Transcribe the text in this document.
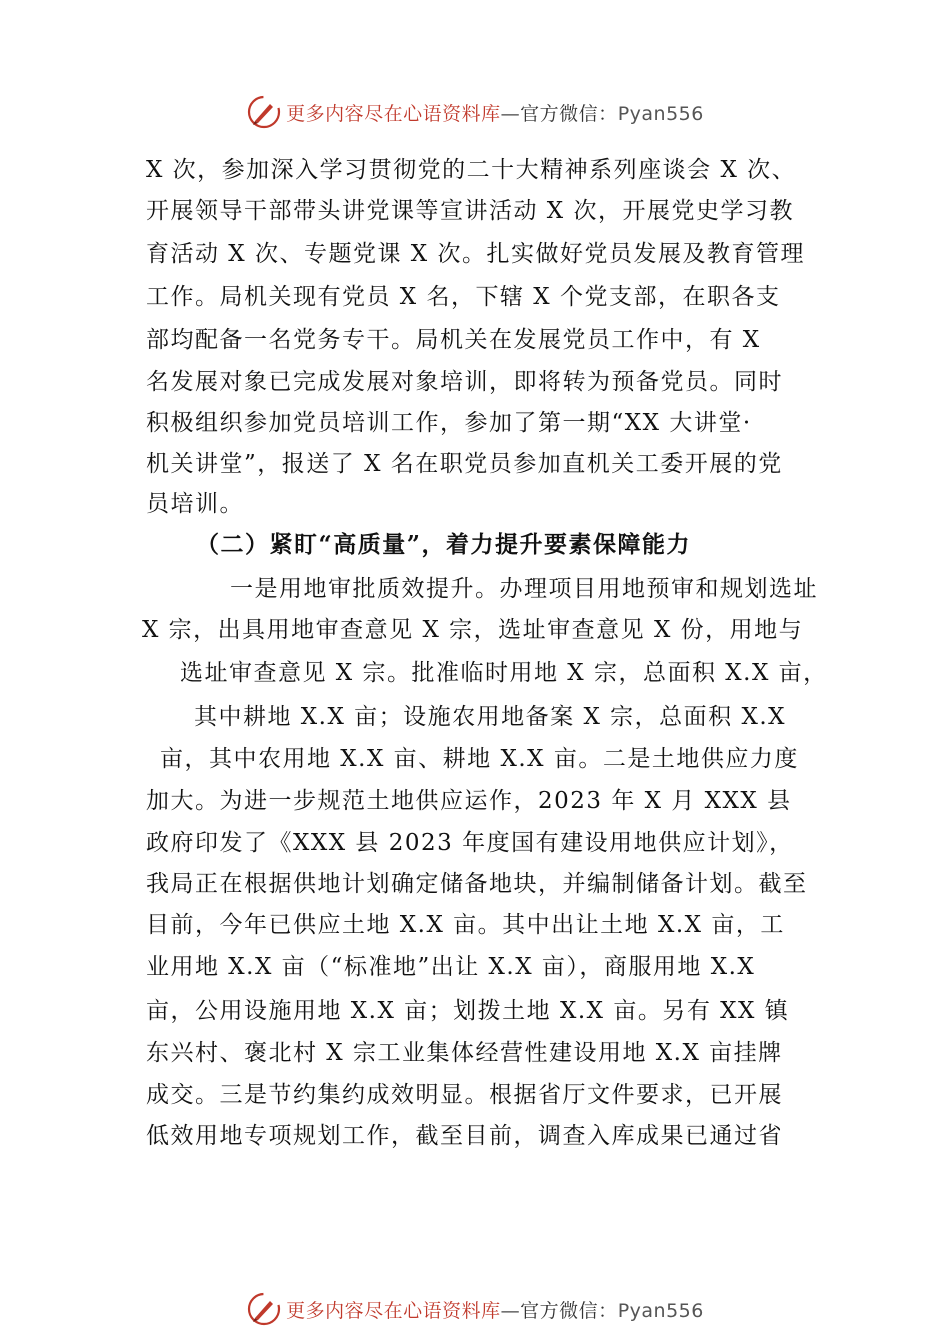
更多内容尽在心语资料库—官方微信：Pyan556
X 次，参加深入学习贯彻党的二十大精神系列座谈会 X 次、
开展领导干部带头讲党课等宣讲活动 X 次，开展党史学习教
育活动 X 次、专题党课 X 次。扎实做好党员发展及教育管理
工作。局机关现有党员 X 名，下辖 X 个党支部，在职各支
部均配备一名党务专干。局机关在发展党员工作中，有 X
名发展对象已完成发展对象培训，即将转为预备党员。同时
积极组织参加党员培训工作，参加了第一期“XX 大讲堂·
机关讲堂”，报送了 X 名在职党员参加直机关工委开展的党
员培训。
（二）紧盯“高质量”，着力提升要素保障能力
一是用地审批质效提升。办理项目用地预审和规划选址
X 宗，出具用地审查意见 X 宗，选址审查意见 X 份，用地与
选址审查意见 X 宗。批准临时用地 X 宗，总面积 X.X 亩，
其中耕地 X.X 亩；设施农用地备案 X 宗，总面积 X.X
亩，其中农用地 X.X 亩、耕地 X.X 亩。二是土地供应力度
加大。为进一步规范土地供应运作，2023 年 X 月 XXX 县
政府印发了《XXX 县 2023 年度国有建设用地供应计划》，
我局正在根据供地计划确定储备地块，并编制储备计划。截至
目前，今年已供应土地 X.X 亩。其中出让土地 X.X 亩，工
业用地 X.X 亩（“标准地”出让 X.X 亩），商服用地 X.X
亩，公用设施用地 X.X 亩；划拨土地 X.X 亩。另有 XX 镇
东兴村、褒北村 X 宗工业集体经营性建设用地 X.X 亩挂牌
成交。三是节约集约成效明显。根据省厅文件要求，已开展
低效用地专项规划工作，截至目前，调查入库成果已通过省
更多内容尽在心语资料库—官方微信：Pyan556
